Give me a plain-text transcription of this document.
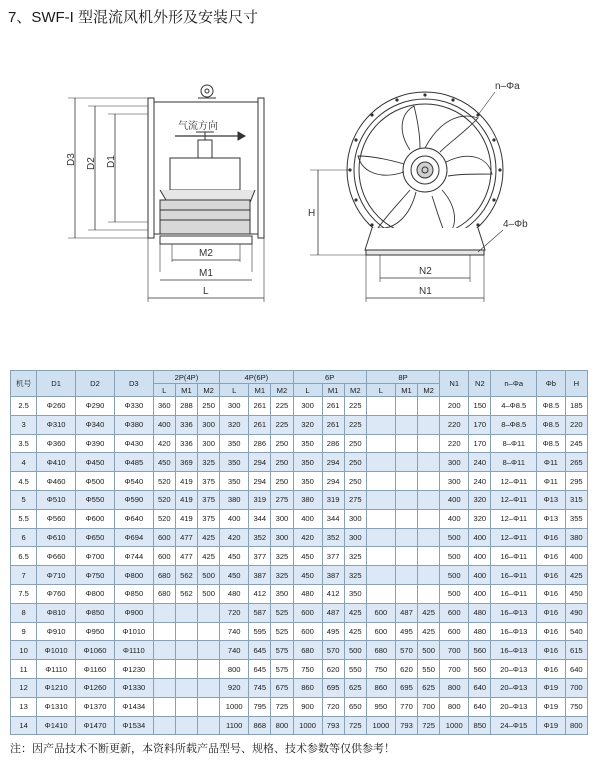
7、SWF-I 型混流风机外形及安装尺寸
D3 D2 D1
气流方向
M2
M1
L
n–Φa
4–Φb
H
N2
N1
机号	D1	D2	D3	2P(4P)			4P(6P)			6P			8P			N1	N2	n–Φa	Φb	H
				L	M1	M2	L	M1	M2	L	M1	M2	L	M1	M2					
2.5	Φ260	Φ290	Φ330	360	288	250	300	261	225	300	261	225				200	150	4–Φ8.5	Φ8.5	185
3	Φ310	Φ340	Φ380	400	336	300	320	261	225	320	261	225				220	170	8–Φ8.5	Φ8.5	220
3.5	Φ360	Φ390	Φ430	420	336	300	350	286	250	350	286	250				220	170	8–Φ11	Φ8.5	245
4	Φ410	Φ450	Φ485	450	369	325	350	294	250	350	294	250				300	240	8–Φ11	Φ11	265
4.5	Φ460	Φ500	Φ540	520	419	375	350	294	250	350	294	250				300	240	12–Φ11	Φ11	295
5	Φ510	Φ550	Φ590	520	419	375	380	319	275	380	319	275				400	320	12–Φ11	Φ13	315
5.5	Φ560	Φ600	Φ640	520	419	375	400	344	300	400	344	300				400	320	12–Φ11	Φ13	355
6	Φ610	Φ650	Φ694	600	477	425	420	352	300	420	352	300				500	400	12–Φ11	Φ16	380
6.5	Φ660	Φ700	Φ744	600	477	425	450	377	325	450	377	325				500	400	16–Φ11	Φ16	400
7	Φ710	Φ750	Φ800	680	562	500	450	387	325	450	387	325				500	400	16–Φ11	Φ16	425
7.5	Φ760	Φ800	Φ850	680	562	500	480	412	350	480	412	350				500	400	16–Φ11	Φ16	450
8	Φ810	Φ850	Φ900				720	587	525	600	487	425	600	487	425	600	480	16–Φ13	Φ16	490
9	Φ910	Φ950	Φ1010				740	595	525	600	495	425	600	495	425	600	480	16–Φ13	Φ16	540
10	Φ1010	Φ1060	Φ1110				740	645	575	680	570	500	680	570	500	700	560	16–Φ13	Φ16	615
11	Φ1110	Φ1160	Φ1230				800	645	575	750	620	550	750	620	550	700	560	20–Φ13	Φ16	640
12	Φ1210	Φ1260	Φ1330				920	745	675	860	695	625	860	695	625	800	640	20–Φ13	Φ19	700
13	Φ1310	Φ1370	Φ1434				1000	795	725	900	720	650	950	770	700	800	640	20–Φ13	Φ19	750
14	Φ1410	Φ1470	Φ1534				1100	868	800	1000	793	725	1000	793	725	1000	850	24–Φ15	Φ19	800
注：因产品技术不断更新，本资料所载产品型号、规格、技术参数等仅供参考！
